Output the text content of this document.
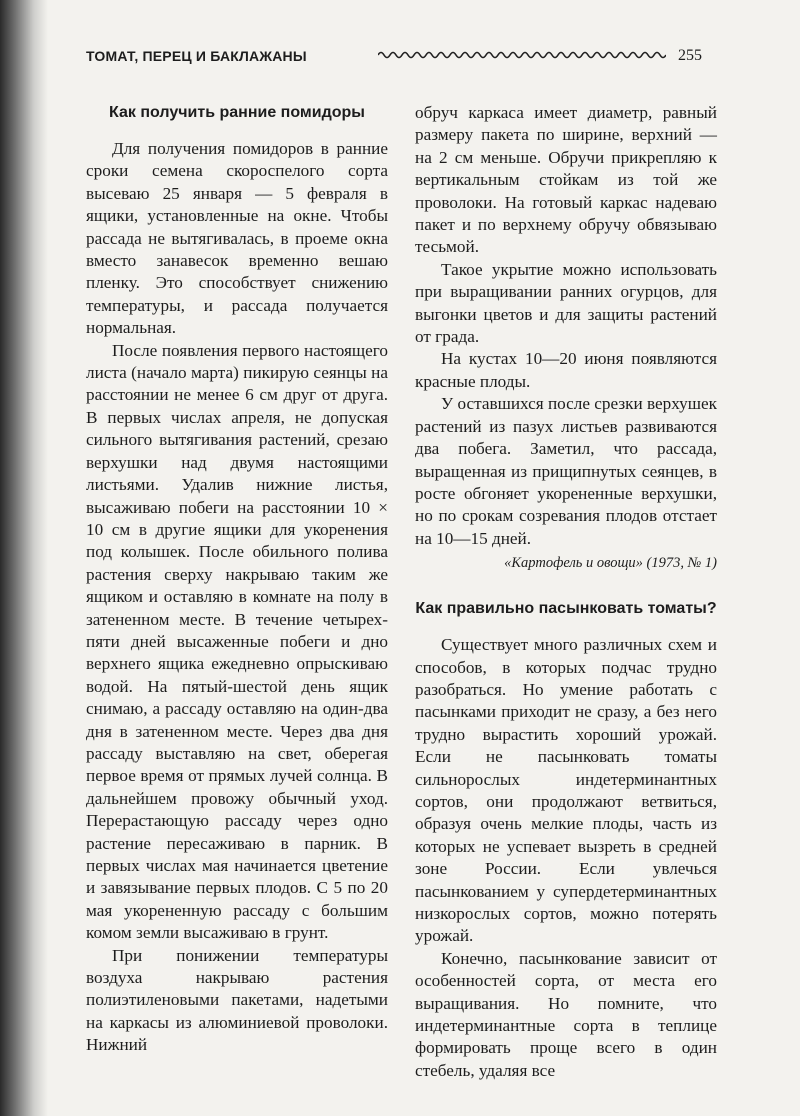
ТОМАТ, ПЕРЕЦ И БАКЛАЖАНЫ	255
Как получить ранние помидоры

Для получения помидоров в ранние сроки семена скороспелого сорта высеваю 25 января — 5 февраля в ящики, установленные на окне. Чтобы рассада не вытягивалась, в проеме окна вместо занавесок временно вешаю пленку. Это способствует снижению температуры, и рассада получается нормальная.

После появления первого настоящего листа (начало марта) пикирую сеянцы на расстоянии не менее 6 см друг от друга. В первых числах апреля, не допуская сильного вытягивания растений, срезаю верхушки над двумя настоящими листьями. Удалив нижние листья, высаживаю побеги на расстоянии 10 × 10 см в другие ящики для укоренения под колышек. После обильного полива растения сверху накрываю таким же ящиком и оставляю в комнате на полу в затененном месте. В течение четырех-пяти дней высаженные побеги и дно верхнего ящика ежедневно опрыскиваю водой. На пятый-шестой день ящик снимаю, а рассаду оставляю на один-два дня в затененном месте. Через два дня рассаду выставляю на свет, оберегая первое время от прямых лучей солнца. В дальнейшем провожу обычный уход. Перерастающую рассаду через одно растение пересаживаю в парник. В первых числах мая начинается цветение и завязывание первых плодов. С 5 по 20 мая укорененную рассаду с большим комом земли высаживаю в грунт.

При понижении температуры воздуха накрываю растения полиэтиленовыми пакетами, надетыми на каркасы из алюминиевой проволоки. Нижний

обруч каркаса имеет диаметр, равный размеру пакета по ширине, верхний — на 2 см меньше. Обручи прикрепляю к вертикальным стойкам из той же проволоки. На готовый каркас надеваю пакет и по верхнему обручу обвязываю тесьмой.

Такое укрытие можно использовать при выращивании ранних огурцов, для выгонки цветов и для защиты растений от града.

На кустах 10—20 июня появляются красные плоды.

У оставшихся после срезки верхушек растений из пазух листьев развиваются два побега. Заметил, что рассада, выращенная из прищипнутых сеянцев, в росте обгоняет укорененные верхушки, но по срокам созревания плодов отстает на 10—15 дней.

«Картофель и овощи» (1973, № 1)
Как правильно пасынковать томаты?

Существует много различных схем и способов, в которых подчас трудно разобраться. Но умение работать с пасынками приходит не сразу, а без него трудно вырастить хороший урожай. Если не пасынковать томаты сильнорослых индетерминантных сортов, они продолжают ветвиться, образуя очень мелкие плоды, часть из которых не успевает вызреть в средней зоне России. Если увлечься пасынкованием у супердетерминантных низкорослых сортов, можно потерять урожай.

Конечно, пасынкование зависит от особенностей сорта, от места его выращивания. Но помните, что индетерминантные сорта в теплице формировать проще всего в один стебель, удаляя все
